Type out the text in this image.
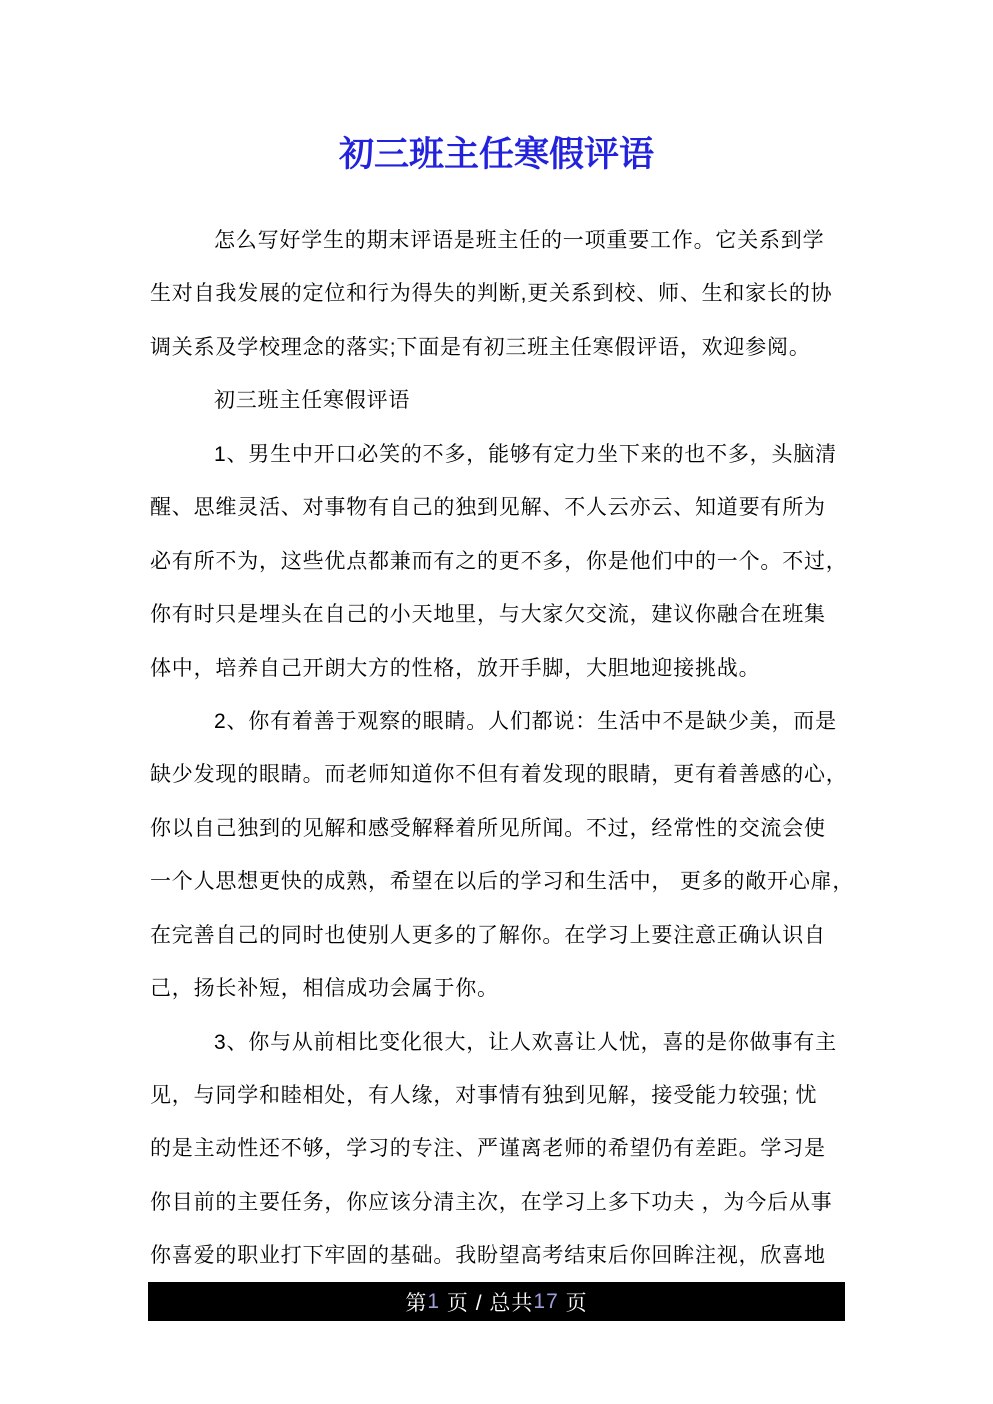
初三班主任寒假评语
怎么写好学生的期末评语是班主任的一项重要工作。它关系到学
生对自我发展的定位和行为得失的判断,更关系到校、师、生和家长的协
调关系及学校理念的落实;下面是有初三班主任寒假评语，欢迎参阅。
初三班主任寒假评语
1、男生中开口必笑的不多，能够有定力坐下来的也不多，头脑清
醒、思维灵活、对事物有自己的独到见解、不人云亦云、知道要有所为
必有所不为，这些优点都兼而有之的更不多，你是他们中的一个。不过，
你有时只是埋头在自己的小天地里，与大家欠交流，建议你融合在班集
体中，培养自己开朗大方的性格，放开手脚，大胆地迎接挑战。
2、你有着善于观察的眼睛。人们都说：生活中不是缺少美，而是
缺少发现的眼睛。而老师知道你不但有着发现的眼睛，更有着善感的心，
你以自己独到的见解和感受解释着所见所闻。不过，经常性的交流会使
一个人思想更快的成熟，希望在以后的学习和生活中， 更多的敞开心扉，
在完善自己的同时也使别人更多的了解你。在学习上要注意正确认识自
己，扬长补短，相信成功会属于你。
3、你与从前相比变化很大，让人欢喜让人忧，喜的是你做事有主
见，与同学和睦相处，有人缘，对事情有独到见解，接受能力较强; 忧
的是主动性还不够，学习的专注、严谨离老师的希望仍有差距。学习是
你目前的主要任务，你应该分清主次，在学习上多下功夫 ，为今后从事
你喜爱的职业打下牢固的基础。我盼望高考结束后你回眸注视，欣喜地
第 1 页 / 总共 17 页
